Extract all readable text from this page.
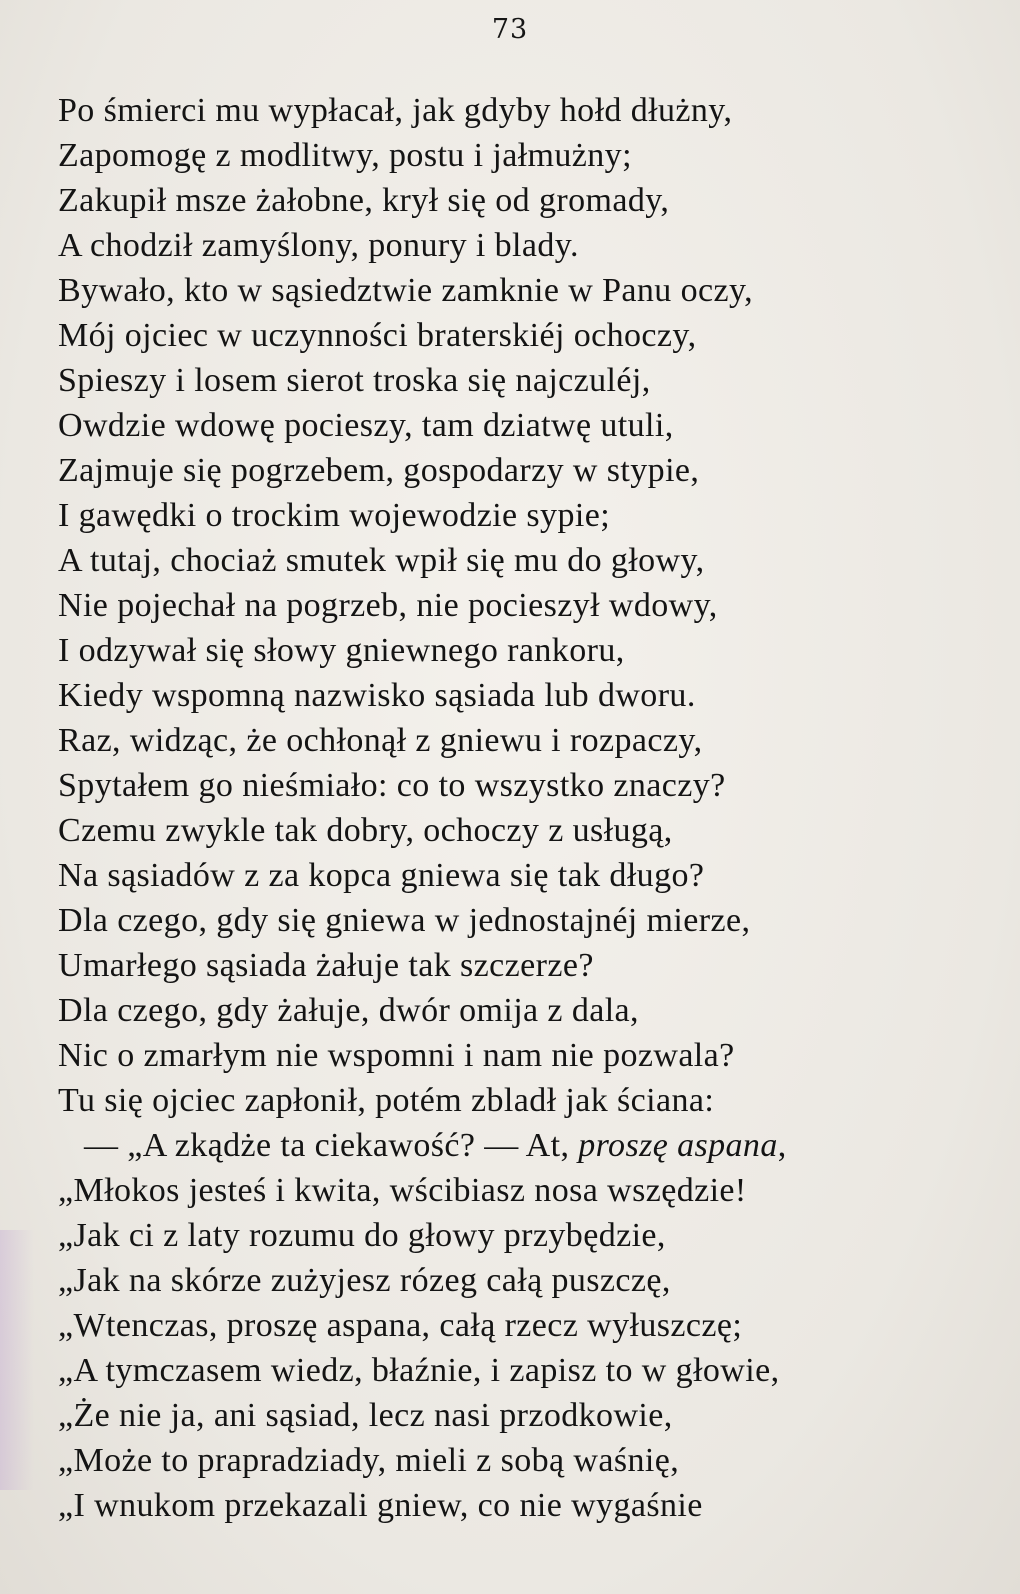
73
Po śmierci mu wypłacał, jak gdyby hołd dłużny,
Zapomogę z modlitwy, postu i jałmużny;
Zakupił msze żałobne, krył się od gromady,
A chodził zamyślony, ponury i blady.
Bywało, kto w sąsiedztwie zamknie w Panu oczy,
Mój ojciec w uczynności braterskiéj ochoczy,
Spieszy i losem sierot troska się najczuléj,
Owdzie wdowę pocieszy, tam dziatwę utuli,
Zajmuje się pogrzebem, gospodarzy w stypie,
I gawędki o trockim wojewodzie sypie;
A tutaj, chociaż smutek wpił się mu do głowy,
Nie pojechał na pogrzeb, nie pocieszył wdowy,
I odzywał się słowy gniewnego rankoru,
Kiedy wspomną nazwisko sąsiada lub dworu.
Raz, widząc, że ochłonął z gniewu i rozpaczy,
Spytałem go nieśmiało: co to wszystko znaczy?
Czemu zwykle tak dobry, ochoczy z usługą,
Na sąsiadów z za kopca gniewa się tak długo?
Dla czego, gdy się gniewa w jednostajnéj mierze,
Umarłego sąsiada żałuje tak szczerze?
Dla czego, gdy żałuje, dwór omija z dala,
Nic o zmarłym nie wspomni i nam nie pozwala?
Tu się ojciec zapłonił, potém zbladł jak ściana:
— „A zkądże ta ciekawość? — At, proszę aspana,
„Młokos jesteś i kwita, wścibiasz nosa wszędzie!
„Jak ci z laty rozumu do głowy przybędzie,
„Jak na skórze zużyjesz rózeg całą puszczę,
„Wtenczas, proszę aspana, całą rzecz wyłuszczę;
„A tymczasem wiedz, błaźnie, i zapisz to w głowie,
„Że nie ja, ani sąsiad, lecz nasi przodkowie,
„Może to prapradziady, mieli z sobą waśnię,
„I wnukom przekazali gniew, co nie wygaśnie
